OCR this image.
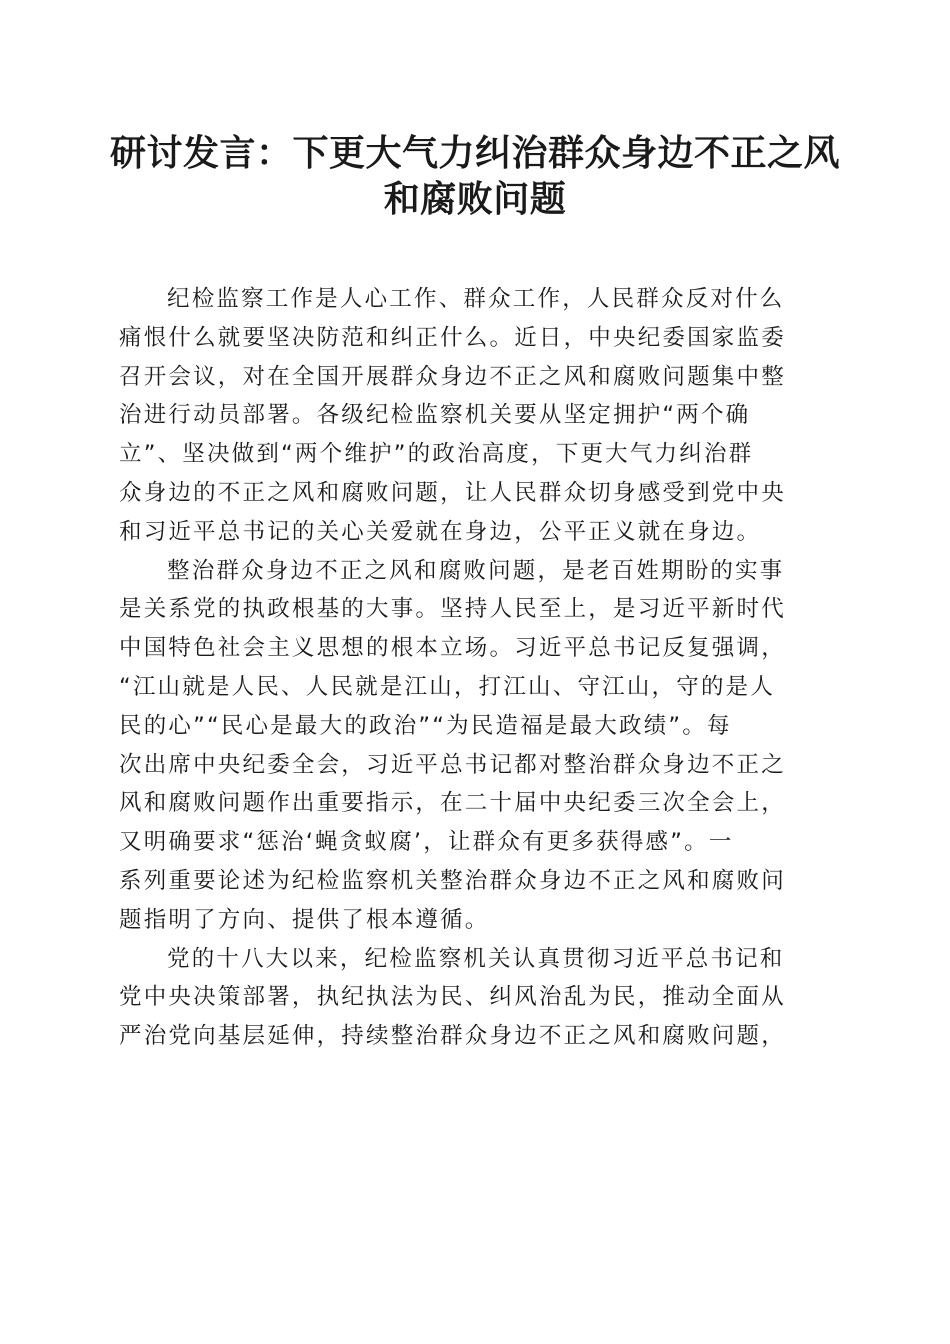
研讨发言：下更大气力纠治群众身边不正之风
和腐败问题

纪检监察工作是人心工作、群众工作，人民群众反对什么
痛恨什么就要坚决防范和纠正什么。近日，中央纪委国家监委
召开会议，对在全国开展群众身边不正之风和腐败问题集中整
治进行动员部署。各级纪检监察机关要从坚定拥护“两个确
立”、坚决做到“两个维护”的政治高度，下更大气力纠治群
众身边的不正之风和腐败问题，让人民群众切身感受到党中央
和习近平总书记的关心关爱就在身边，公平正义就在身边。

整治群众身边不正之风和腐败问题，是老百姓期盼的实事
是关系党的执政根基的大事。坚持人民至上，是习近平新时代
中国特色社会主义思想的根本立场。习近平总书记反复强调，
“江山就是人民、人民就是江山，打江山、守江山，守的是人
民的心”“民心是最大的政治”“为民造福是最大政绩”。每
次出席中央纪委全会，习近平总书记都对整治群众身边不正之
风和腐败问题作出重要指示，在二十届中央纪委三次全会上，
又明确要求“惩治‘蝇贪蚁腐’，让群众有更多获得感”。一
系列重要论述为纪检监察机关整治群众身边不正之风和腐败问
题指明了方向、提供了根本遵循。

党的十八大以来，纪检监察机关认真贯彻习近平总书记和
党中央决策部署，执纪执法为民、纠风治乱为民，推动全面从
严治党向基层延伸，持续整治群众身边不正之风和腐败问题，
